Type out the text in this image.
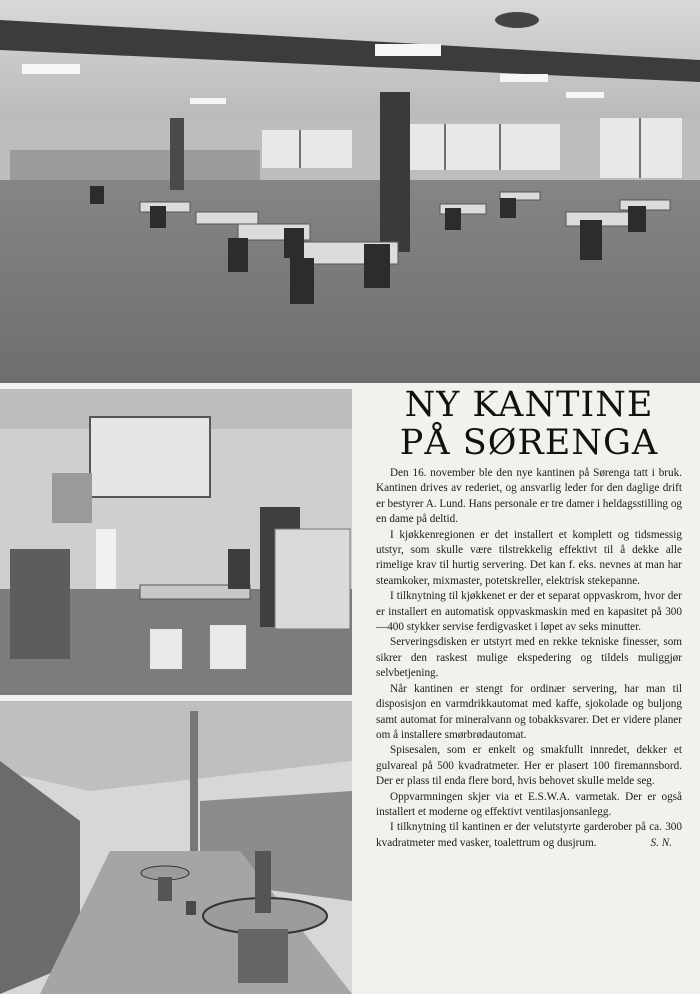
NY KANTINE
PÅ SØRENGA

Den 16. november ble den nye kantinen på Sørenga tatt i bruk. Kantinen drives av rederiet, og ansvarlig leder for den daglige drift er bestyrer A. Lund. Hans personale er tre damer i heldagsstilling og en dame på deltid.

I kjøkkenregionen er det installert et komplett og tidsmessig utstyr, som skulle være tilstrekkelig effektivt til å dekke alle rimelige krav til hurtig servering. Det kan f. eks. nevnes at man har steamkoker, mixmaster, potetskreller, elektrisk stekepanne.

I tilknytning til kjøkkenet er der et separat oppvaskrom, hvor der er installert en automatisk oppvaskmaskin med en kapasitet på 300—400 stykker servise ferdigvasket i løpet av seks minutter.

Serveringsdisken er utstyrt med en rekke tekniske finesser, som sikrer den raskest mulige ekspedering og tildels muliggjør selvbetjening.

Når kantinen er stengt for ordinær servering, har man til disposisjon en varmdrikkautomat med kaffe, sjokolade og buljong samt automat for mineralvann og tobakksvarer. Det er videre planer om å installere smørbrødautomat.

Spisesalen, som er enkelt og smakfullt innredet, dekker et gulvareal på 500 kvadratmeter. Her er plasert 100 firemannsbord. Der er plass til enda flere bord, hvis behovet skulle melde seg.

Oppvarmningen skjer via et E.S.W.A. varmetak. Der er også installert et moderne og effektivt ventilasjonsanlegg.

I tilknytning til kantinen er der velutstyrte garderober på ca. 300 kvadratmeter med vasker, toalettrum og dusjrum.	S. N.
